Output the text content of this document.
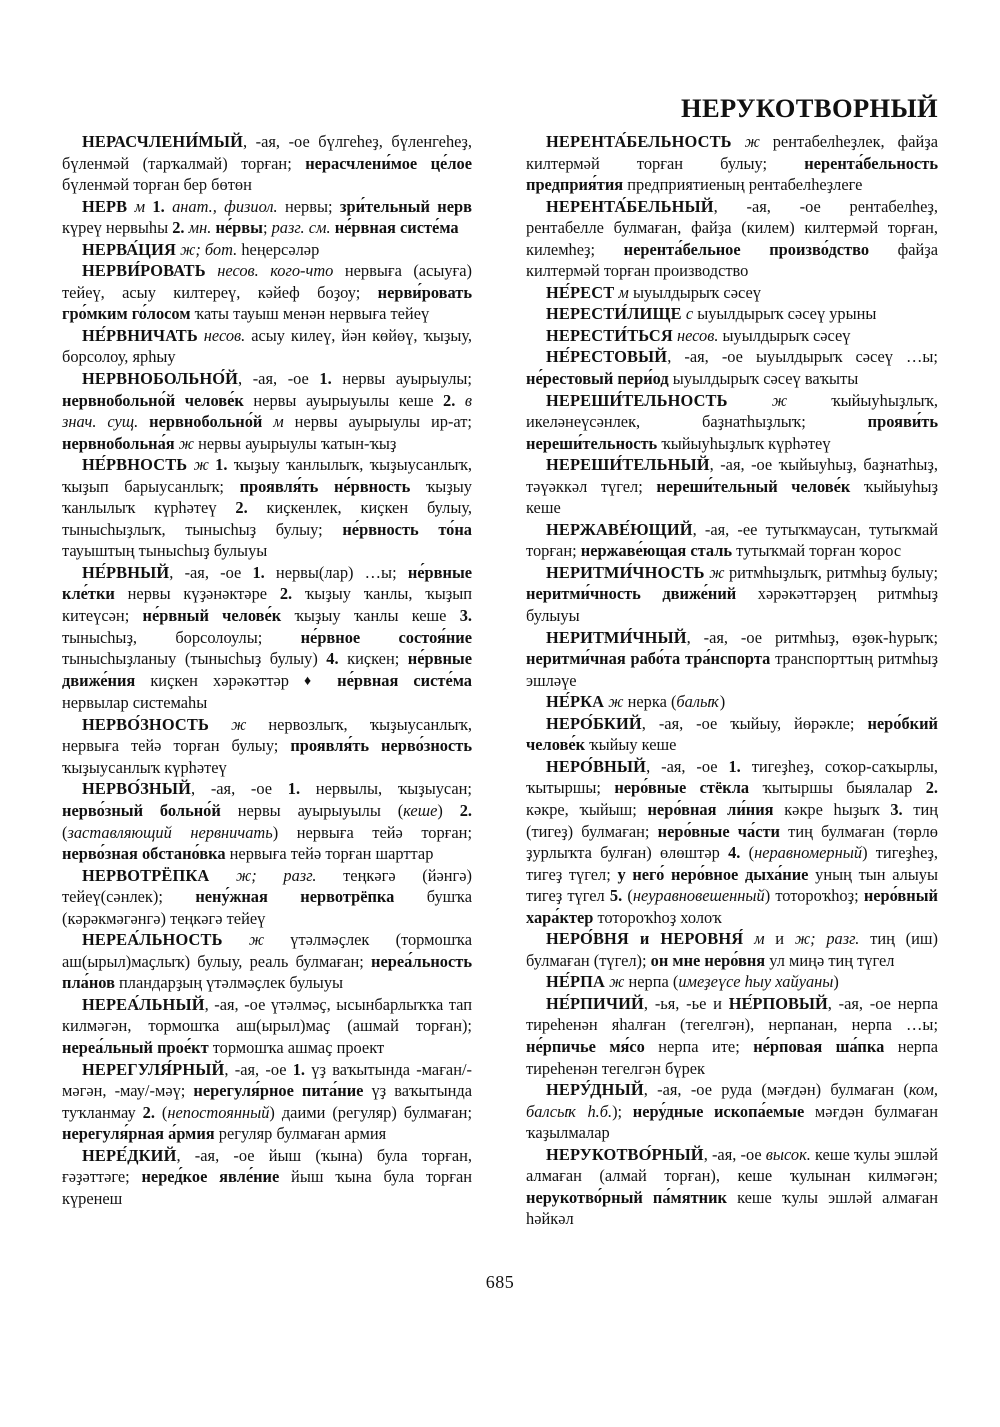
НЕРУКОТВОРНЫЙ

НЕРАСЧЛЕНИ́МЫЙ, -ая, -ое бүлгеһеҙ, бүленгеһеҙ, бүленмәй (тарҡалмай) торған; нерасчлени́мое це́лое бүленмәй торған бер бөтөн

НЕРВ м 1. анат., физиол. нервы; зри́тельный нерв күреү нервыһы 2. мн. не́рвы; разг. см. не́рвная систе́ма

НЕРВА́ЦИЯ ж; бот. һеңерсәләр

НЕРВИ́РОВАТЬ несов. кого-что нервыға (асыуға) тейеү, асыу килтереү, кәйеф боҙоу; нерви́ровать гро́мким го́лосом ҡаты тауыш менән нервыға тейеү

НЕ́РВНИЧАТЬ несов. асыу килеү, йән көйөү, ҡыҙыу, борсолоу, ярһыу

НЕРВНОБОЛЬНО́Й, -ая, -ое 1. нервы ауырыулы; нервнобольно́й челове́к нервы ауырыуылы кеше 2. в знач. сущ. нервнобольно́й м нервы ауырыулы ир-ат; нервнобольна́я ж нервы ауырыулы ҡатын-ҡыҙ

НЕ́РВНОСТЬ ж 1. ҡыҙыу ҡанлылыҡ, ҡыҙыусанлыҡ, ҡыҙып барыусанлыҡ; проявля́ть не́рвность ҡыҙыу ҡанлылыҡ күрһәтеү 2. киҫкенлек, киҫкен булыу, тынысһыҙлыҡ, тынысһыҙ булыу; не́рвность то́на тауыштың тынысһыҙ булыуы

НЕ́РВНЫЙ, -ая, -ое 1. нервы(лар) …ы; не́рвные кле́тки нервы күҙәнәктәре 2. ҡыҙыу ҡанлы, ҡыҙып китеүсән; не́рвный челове́к ҡыҙыу ҡанлы кеше 3. тынысһыҙ, борсолоулы; не́рвное состоя́ние тынысһыҙланыу (тынысһыҙ булыу) 4. киҫкен; не́рвные движе́ния киҫкен хәрәкәттәр ♦ не́рвная систе́ма нервылар системаһы

НЕРВО́ЗНОСТЬ ж нервозлыҡ, ҡыҙыусанлыҡ, нервыға тейә торған булыу; проявля́ть нерво́зность ҡыҙыусанлыҡ күрһәтеү

НЕРВО́ЗНЫЙ, -ая, -ое 1. нервылы, ҡыҙыусан; нерво́зный больно́й нервы ауырыуылы (кеше) 2. (заставляющий нервничать) нервыға тейә торған; нерво́зная обстано́вка нервыға тейә торған шарттар

НЕРВОТРЁПКА ж; разг. теңкәгә (йәнгә) тейеү(сәнлек); нену́жная нервотрёпка бушҡа (кәрәкмәгәнгә) теңкәгә тейеү

НЕРЕА́ЛЬНОСТЬ ж үтәлмәҫлек (тормошҡа аш(ырыл)маҫлыҡ) булыу, реаль булмаған; нереа́льность пла́нов пландарҙың үтәлмәҫлек булыуы

НЕРЕА́ЛЬНЫЙ, -ая, -ое үтәлмәҫ, ысынбарлыҡҡа тап килмәгән, тормошҡа аш(ырыл)маҫ (ашмай торған); нереа́льный прое́кт тормошҡа ашмаҫ проект

НЕРЕГУЛЯ́РНЫЙ, -ая, -ое 1. үҙ ваҡытында -маған/-мәгән, -мау/-мәү; нерегуля́рное пита́ние үҙ ваҡытында туҡланмау 2. (непостоянный) даими (регуляр) булмаған; нерегуля́рная а́рмия регуляр булмаған армия

НЕРЕ́ДКИЙ, -ая, -ое йыш (ҡына) була торған, ғәҙәттәге; неред́кое явле́ние йыш ҡына була торған күренеш

НЕРЕНТА́БЕЛЬНОСТЬ ж рентабелһеҙлек, файҙа килтермәй торған булыу; нерента́бельность предприя́тия предприятиеның рентабелһеҙлеге

НЕРЕНТА́БЕЛЬНЫЙ, -ая, -ое рентабелһеҙ, рентабелле булмаған, файҙа (килем) килтермәй торған, килемһеҙ; нерента́бельное произво́дство файҙа килтермәй торған производство

НЕ́РЕСТ м ыуылдырыҡ сәсеү

НЕРЕСТИ́ЛИЩЕ с ыуылдырыҡ сәсеү урыны

НЕРЕСТИ́ТЬСЯ несов. ыуылдырыҡ сәсеү

НЕ́РЕСТОВЫЙ, -ая, -ое ыуылдырыҡ сәсеү …ы; не́рестовый пери́од ыуылдырыҡ сәсеү ваҡыты

НЕРЕШИ́ТЕЛЬНОСТЬ	ж ҡыйыуһыҙлыҡ, икеләнеүсәнлек, баҙнатһыҙлыҡ; прояви́ть нереши́тельность ҡыйыуһыҙлыҡ күрһәтеү

НЕРЕШИ́ТЕЛЬНЫЙ, -ая, -ое ҡыйыуһыҙ, баҙнатһыҙ, тәүәккәл түгел; нереши́тельный челове́к ҡыйыуһыҙ кеше

НЕРЖАВЕ́ЮЩИЙ, -ая, -ее тутыҡмаусан, тутыҡмай торған; нержаве́ющая сталь тутыҡмай торған ҡорос

НЕРИТМИ́ЧНОСТЬ ж ритмһыҙлыҡ, ритмһыҙ булыу; неритми́чность движе́ний хәрәкәттәрҙең ритмһыҙ булыуы

НЕРИТМИ́ЧНЫЙ, -ая, -ое ритмһыҙ, өҙөк-һурыҡ; неритми́чная рабо́та тра́нспорта транспорттың ритмһыҙ эшләүе

НЕ́РКА ж нерка (балыҡ)

НЕРО́БКИЙ, -ая, -ое ҡыйыу, йөрәкле; неро́бкий челове́к ҡыйыу кеше

НЕРО́ВНЫЙ, -ая, -ое 1. тигеҙһеҙ, соҡор-саҡырлы, ҡытыршы; неро́вные стёкла ҡытыршы быялалар 2. кәкре, ҡыйыш; неро́вная ли́ния кәкре һыҙыҡ 3. тиң (тигеҙ) булмаған; неро́вные ча́сти тиң булмаған (төрлө ҙурлыҡта булған) өлөштәр 4. (неравномерный) тигеҙһеҙ, тигеҙ түгел; у него́ неро́вное дыха́ние уның тын алыуы тигеҙ түгел 5. (неуравновешенный) тотороҡһоҙ; неро́вный хара́ктер тотороҡһоҙ холоҡ

НЕРО́ВНЯ и НЕРОВНЯ́ м и ж; разг. тиң (иш) булмаған (түгел); он мне неро́вня ул миңә тиң түгел

НЕ́РПА ж нерпа (имеҙеүсе һыу хайуаны)

НЕ́РПИЧИЙ, -ья, -ье и НЕ́РПОВЫЙ, -ая, -ое нерпа тиреһенән яһалған (тегелгән), нерпанан, нерпа …ы; не́рпичье мя́со нерпа ите; не́рповая ша́пка нерпа тиреһенән тегелгән бүрек

НЕРУ́ДНЫЙ, -ая, -ое руда (мәғдән) булмаған (ком, балсыҡ һ.б.); неру́дные ископа́емые мәғдән булмаған ҡаҙылмалар

НЕРУКОТВО́РНЫЙ, -ая, -ое высок. кеше ҡулы эшләй алмаған (алмай торған), кеше ҡулынан килмәгән; нерукотво́рный па́мятник кеше ҡулы эшләй алмаған һәйкәл

685
